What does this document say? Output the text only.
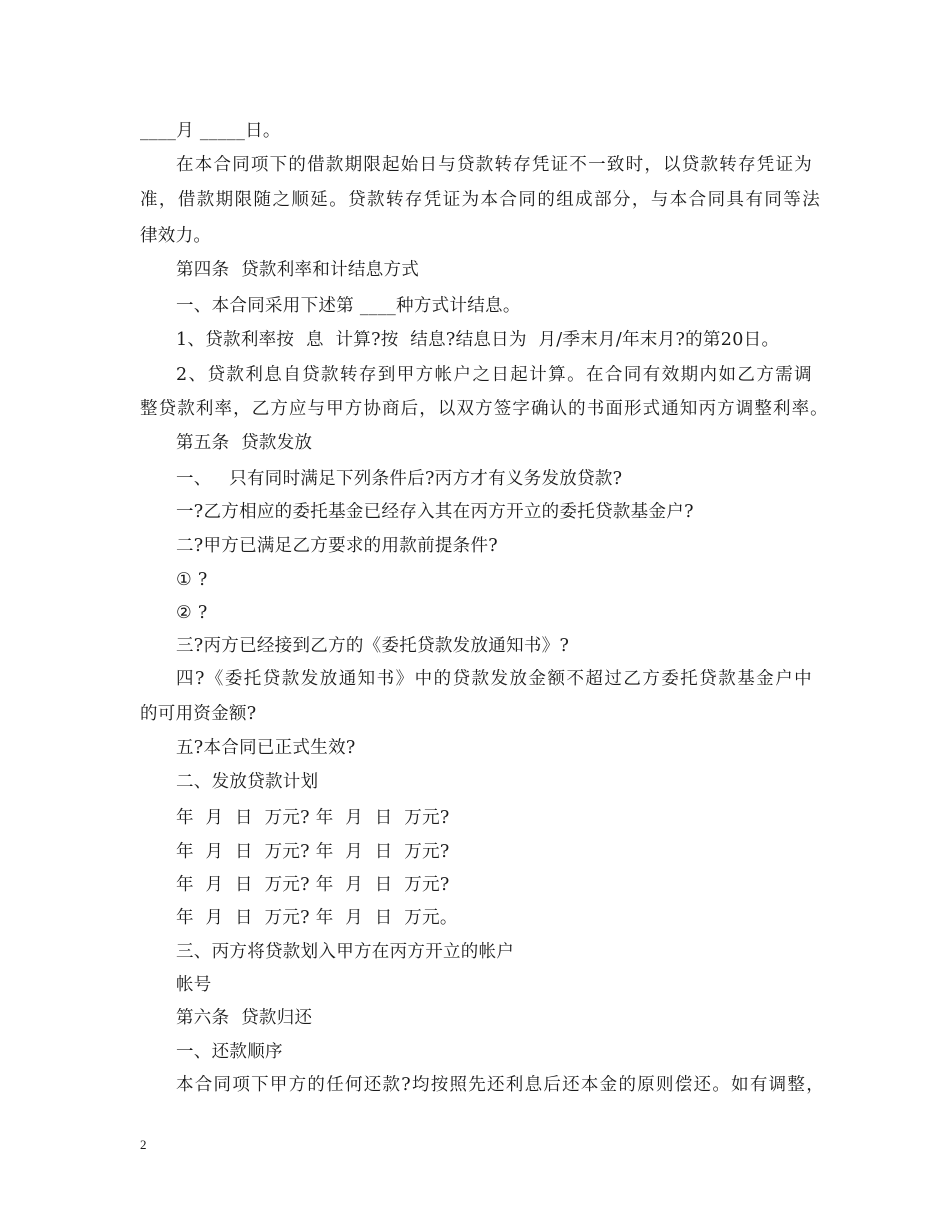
____月 _____日。
在本合同项下的借款期限起始日与贷款转存凭证不一致时，以贷款转存凭证为
准，借款期限随之顺延。贷款转存凭证为本合同的组成部分，与本合同具有同等法
律效力。
第四条  贷款利率和计结息方式
一、本合同采用下述第 ____种方式计结息。
1、贷款利率按  息  计算?按  结息?结息日为  月/季末月/年末月?的第20日。
2、贷款利息自贷款转存到甲方帐户之日起计算。在合同有效期内如乙方需调
整贷款利率，乙方应与甲方协商后，以双方签字确认的书面形式通知丙方调整利率。
第五条  贷款发放
一、   只有同时满足下列条件后?丙方才有义务发放贷款?
一?乙方相应的委托基金已经存入其在丙方开立的委托贷款基金户?
二?甲方已满足乙方要求的用款前提条件?
① ?
② ?
三?丙方已经接到乙方的《委托贷款发放通知书》?
四?《委托贷款发放通知书》中的贷款发放金额不超过乙方委托贷款基金户中
的可用资金额?
五?本合同已正式生效?
二、发放贷款计划
年  月  日  万元? 年  月  日  万元?
年  月  日  万元? 年  月  日  万元?
年  月  日  万元? 年  月  日  万元?
年  月  日  万元? 年  月  日  万元。
三、丙方将贷款划入甲方在丙方开立的帐户
帐号
第六条  贷款归还
一、还款顺序
本合同项下甲方的任何还款?均按照先还利息后还本金的原则偿还。如有调整，
2
